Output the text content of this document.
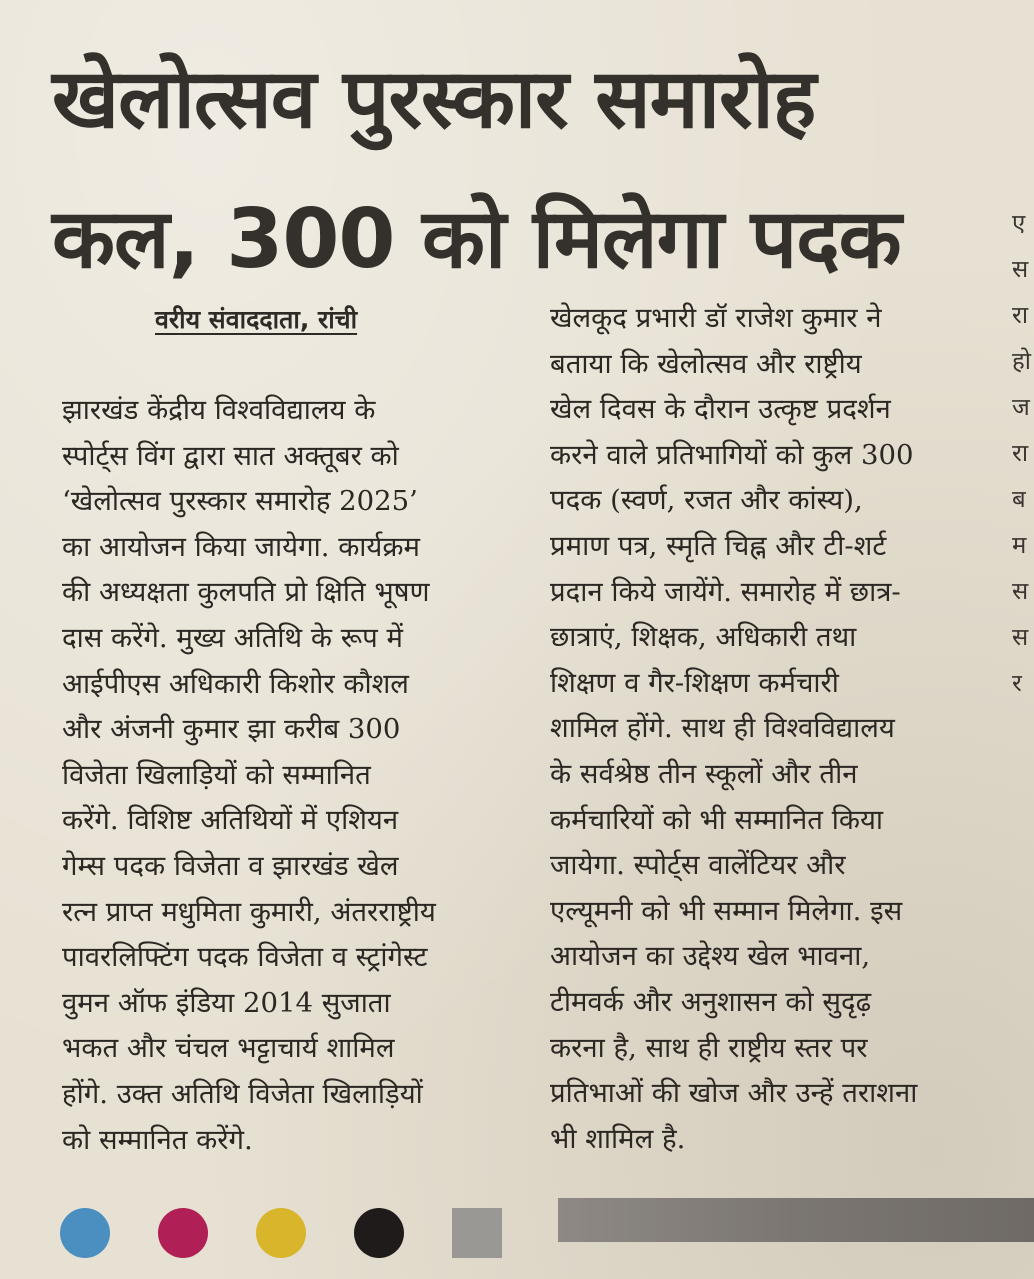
खेलोत्सव पुरस्कार समारोह
कल, 300 को मिलेगा पदक
वरीय संवाददाता, रांची
झारखंड केंद्रीय विश्वविद्यालय के
स्पोर्ट्स विंग द्वारा सात अक्तूबर को
‘खेलोत्सव पुरस्कार समारोह 2025’
का आयोजन किया जायेगा. कार्यक्रम
की अध्यक्षता कुलपति प्रो क्षिति भूषण
दास करेंगे. मुख्य अतिथि के रूप में
आईपीएस अधिकारी किशोर कौशल
और अंजनी कुमार झा करीब 300
विजेता खिलाड़ियों को सम्मानित
करेंगे. विशिष्ट अतिथियों में एशियन
गेम्स पदक विजेता व झारखंड खेल
रत्न प्राप्त मधुमिता कुमारी, अंतरराष्ट्रीय
पावरलिफ्टिंग पदक विजेता व स्ट्रांगेस्ट
वुमन ऑफ इंडिया 2014 सुजाता
भकत और चंचल भट्टाचार्य शामिल
होंगे. उक्त अतिथि विजेता खिलाड़ियों
को सम्मानित करेंगे.
खेलकूद प्रभारी डॉ राजेश कुमार ने
बताया कि खेलोत्सव और राष्ट्रीय
खेल दिवस के दौरान उत्कृष्ट प्रदर्शन
करने वाले प्रतिभागियों को कुल 300
पदक (स्वर्ण, रजत और कांस्य),
प्रमाण पत्र, स्मृति चिह्न और टी-शर्ट
प्रदान किये जायेंगे. समारोह में छात्र-
छात्राएं, शिक्षक, अधिकारी तथा
शिक्षण व गैर-शिक्षण कर्मचारी
शामिल होंगे. साथ ही विश्वविद्यालय
के सर्वश्रेष्ठ तीन स्कूलों और तीन
कर्मचारियों को भी सम्मानित किया
जायेगा. स्पोर्ट्स वालेंटियर और
एल्यूमनी को भी सम्मान मिलेगा. इस
आयोजन का उद्देश्य खेल भावना,
टीमवर्क और अनुशासन को सुदृढ़
करना है, साथ ही राष्ट्रीय स्तर पर
प्रतिभाओं की खोज और उन्हें तराशना
भी शामिल है.
ए
स
रा
हो
ज
रा
ब
म
स
स
र
